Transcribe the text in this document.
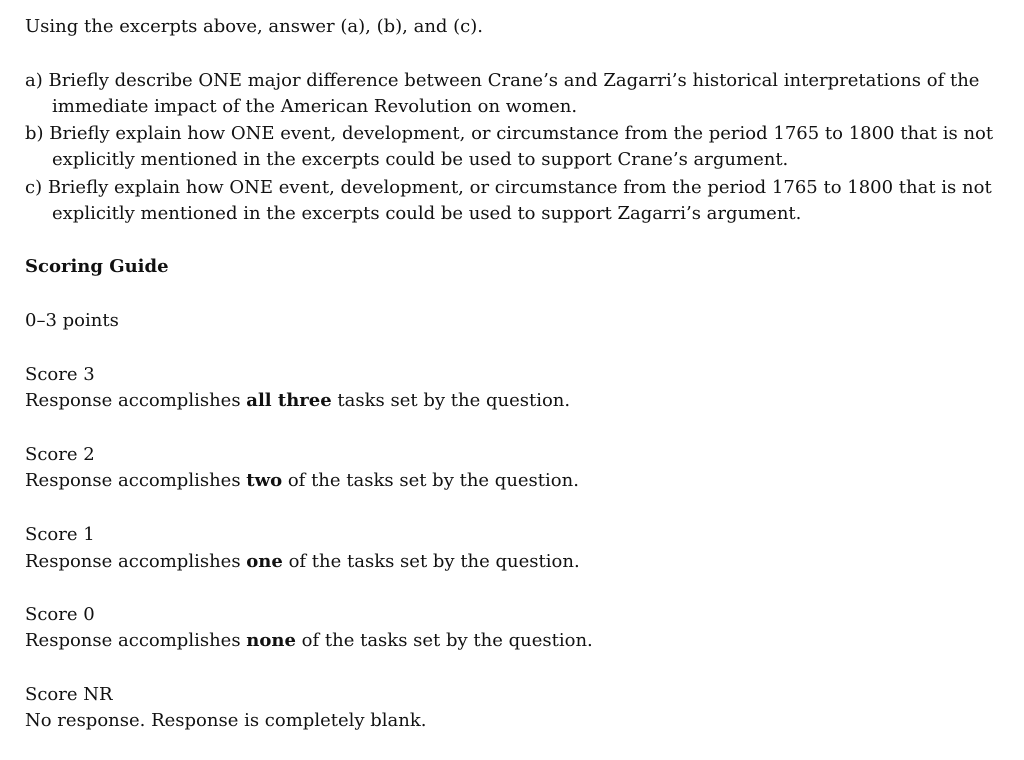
Using the excerpts above, answer (a), (b), and (c).
a) Briefly describe ONE major difference between Crane’s and Zagarri’s historical interpretations of the
immediate impact of the American Revolution on women.
b) Briefly explain how ONE event, development, or circumstance from the period 1765 to 1800 that is not
explicitly mentioned in the excerpts could be used to support Crane’s argument.
c) Briefly explain how ONE event, development, or circumstance from the period 1765 to 1800 that is not
explicitly mentioned in the excerpts could be used to support Zagarri’s argument.
Scoring Guide
0–3 points
Score 3
Response accomplishes all three tasks set by the question.
Score 2
Response accomplishes two of the tasks set by the question.
Score 1
Response accomplishes one of the tasks set by the question.
Score 0
Response accomplishes none of the tasks set by the question.
Score NR
No response. Response is completely blank.
